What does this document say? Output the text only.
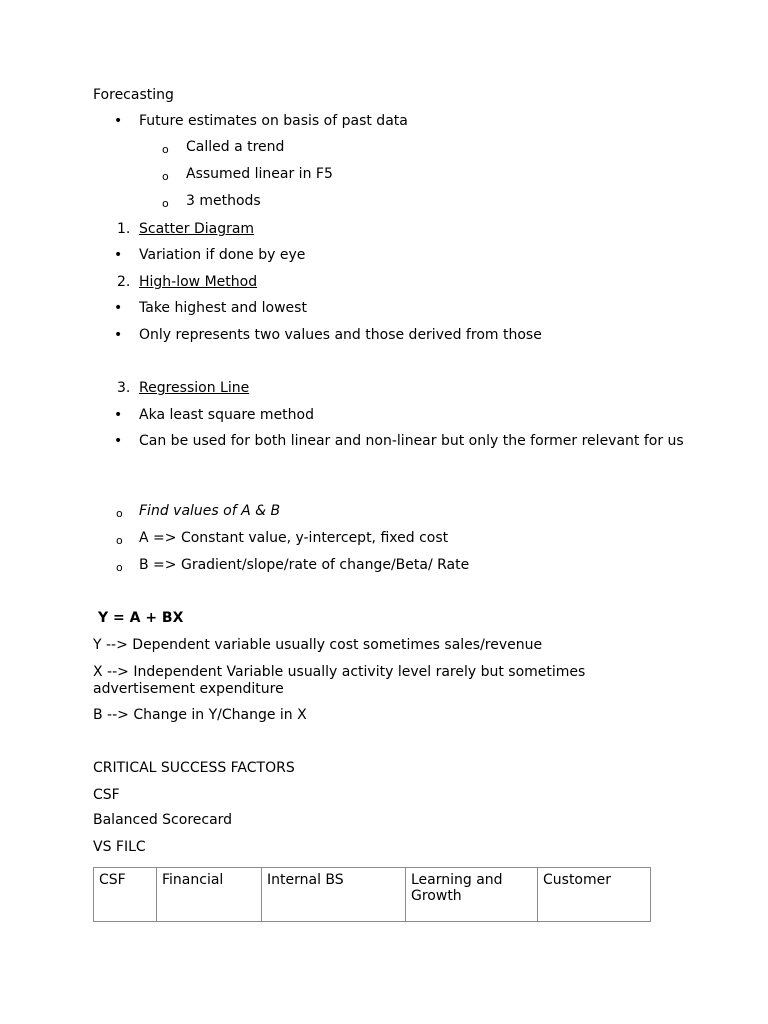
Forecasting
• Future estimates on basis of past data
o Called a trend
o Assumed linear in F5
o 3 methods
1. Scatter Diagram
• Variation if done by eye
2. High-low Method
• Take highest and lowest
• Only represents two values and those derived from those
3. Regression Line
• Aka least square method
• Can be used for both linear and non-linear but only the former relevant for us
o Find values of A & B
o A => Constant value, y-intercept, fixed cost
o B => Gradient/slope/rate of change/Beta/ Rate
Y = A + BX
Y --> Dependent variable usually cost sometimes sales/revenue
X --> Independent Variable usually activity level rarely but sometimes advertisement expenditure
B --> Change in Y/Change in X
CRITICAL SUCCESS FACTORS
CSF
Balanced Scorecard
VS FILC
CSF	Financial	Internal BS	Learning and Growth	Customer
